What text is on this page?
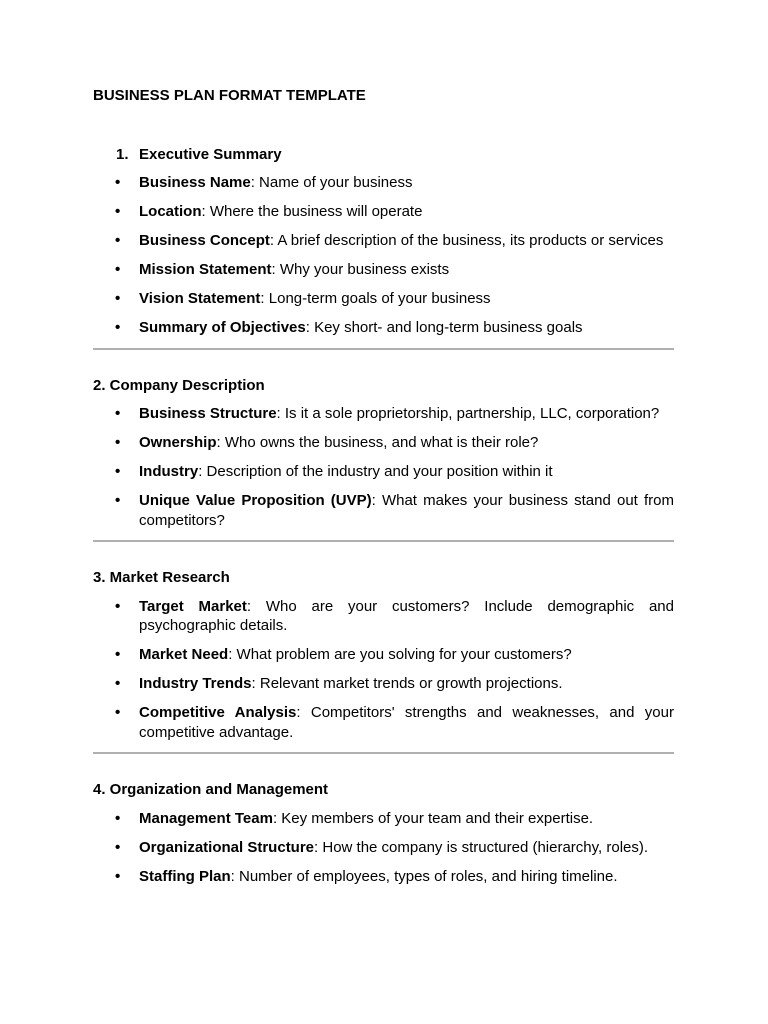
BUSINESS PLAN FORMAT TEMPLATE

1. Executive Summary

• Business Name: Name of your business
• Location: Where the business will operate
• Business Concept: A brief description of the business, its products or services
• Mission Statement: Why your business exists
• Vision Statement: Long-term goals of your business
• Summary of Objectives: Key short- and long-term business goals

2. Company Description

• Business Structure: Is it a sole proprietorship, partnership, LLC, corporation?
• Ownership: Who owns the business, and what is their role?
• Industry: Description of the industry and your position within it
• Unique Value Proposition (UVP): What makes your business stand out from competitors?

3. Market Research

• Target Market: Who are your customers? Include demographic and psychographic details.
• Market Need: What problem are you solving for your customers?
• Industry Trends: Relevant market trends or growth projections.
• Competitive Analysis: Competitors' strengths and weaknesses, and your competitive advantage.

4. Organization and Management

• Management Team: Key members of your team and their expertise.
• Organizational Structure: How the company is structured (hierarchy, roles).
• Staffing Plan: Number of employees, types of roles, and hiring timeline.
